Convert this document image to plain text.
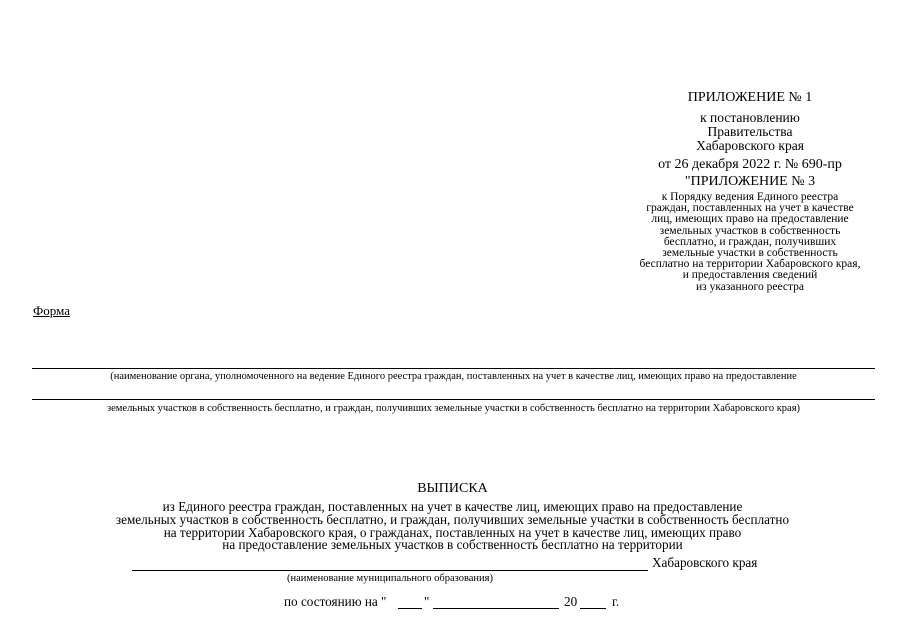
ПРИЛОЖЕНИЕ № 1
к постановлению
Правительства
Хабаровского края
от 26 декабря 2022 г. № 690-пр
"ПРИЛОЖЕНИЕ № 3
к Порядку ведения Единого реестра
граждан, поставленных на учет в качестве
лиц, имеющих право на предоставление
земельных участков в собственность
бесплатно, и граждан, получивших
земельные участки в собственность
бесплатно на территории Хабаровского края,
и предоставления сведений
из указанного реестра
Форма
(наименование органа, уполномоченного на ведение Единого реестра граждан, поставленных на учет в качестве лиц, имеющих право на предоставление
земельных участков в собственность бесплатно, и граждан, получивших земельные участки в собственность бесплатно на территории Хабаровского края)
ВЫПИСКА
из Единого реестра граждан, поставленных на учет в качестве лиц, имеющих право на предоставление
земельных участков в собственность бесплатно, и граждан, получивших земельные участки в собственность бесплатно
на территории Хабаровского края, о гражданах, поставленных на учет в качестве лиц, имеющих право
на предоставление земельных участков в собственность бесплатно на территории
Хабаровского края
(наименование муниципального образования)
по состоянию на "	"	20	г.
